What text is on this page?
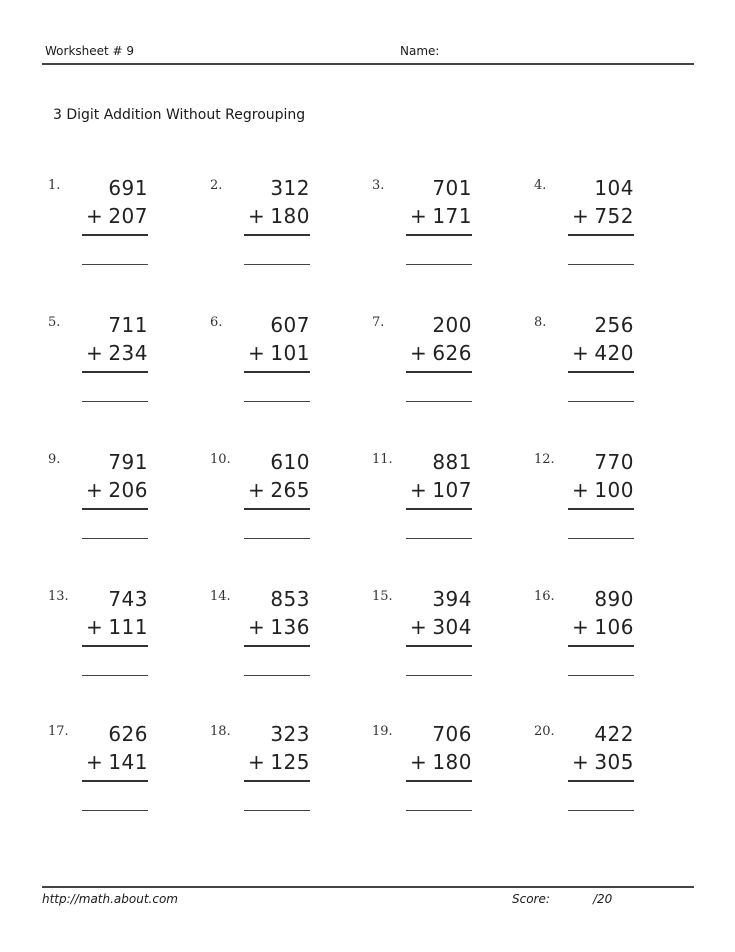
Worksheet # 9	Name:
3 Digit Addition Without Regrouping
1. 691
+ 207
2. 312
+ 180
3. 701
+ 171
4. 104
+ 752
5. 711
+ 234
6. 607
+ 101
7. 200
+ 626
8. 256
+ 420
9. 791
+ 206
10. 610
+ 265
11. 881
+ 107
12. 770
+ 100
13. 743
+ 111
14. 853
+ 136
15. 394
+ 304
16. 890
+ 106
17. 626
+ 141
18. 323
+ 125
19. 706
+ 180
20. 422
+ 305
http://math.about.com	Score:	/20
